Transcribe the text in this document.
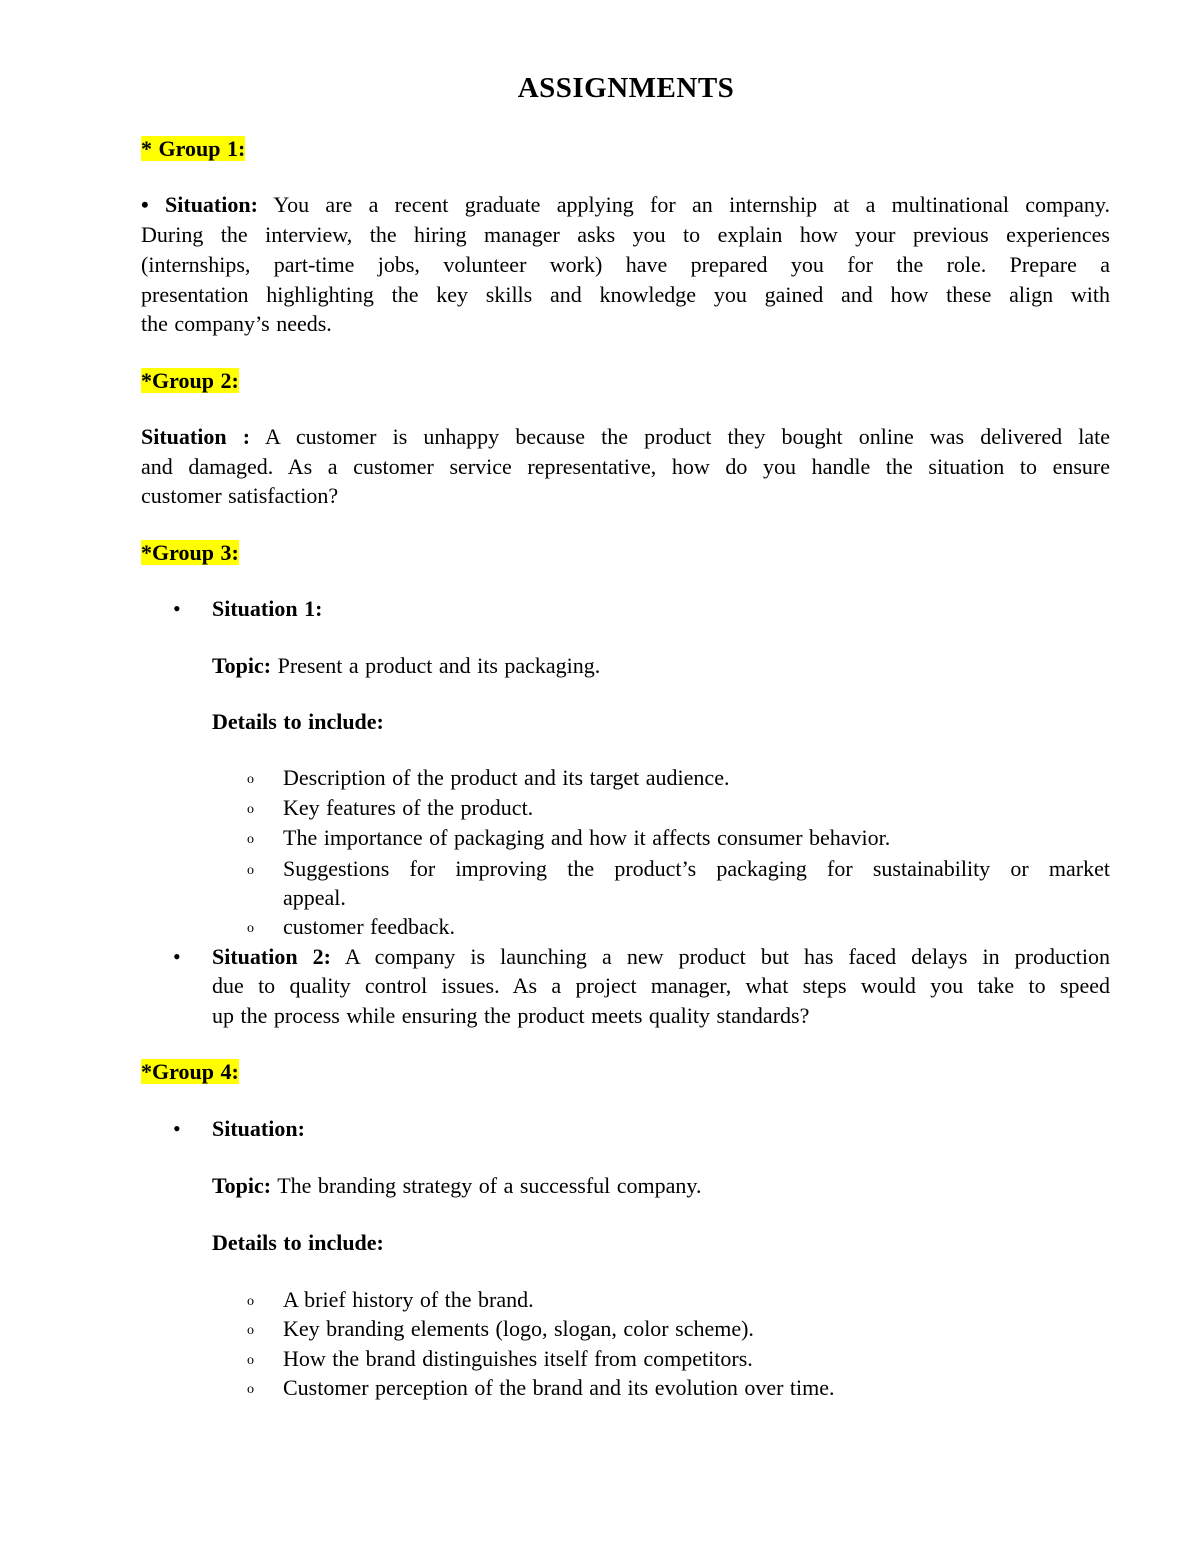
ASSIGNMENTS
* Group 1:
• Situation: You are a recent graduate applying for an internship at a multinational company.
During the interview, the hiring manager asks you to explain how your previous experiences
(internships, part-time jobs, volunteer work) have prepared you for the role. Prepare a
presentation highlighting the key skills and knowledge you gained and how these align with
the company’s needs.
*Group 2:
Situation : A customer is unhappy because the product they bought online was delivered late
and damaged. As a customer service representative, how do you handle the situation to ensure
customer satisfaction?
*Group 3:
• Situation 1:
Topic: Present a product and its packaging.
Details to include:
o Description of the product and its target audience.
o Key features of the product.
o The importance of packaging and how it affects consumer behavior.
o Suggestions for improving the product’s packaging for sustainability or market
appeal.
o customer feedback.
• Situation 2: A company is launching a new product but has faced delays in production
due to quality control issues. As a project manager, what steps would you take to speed
up the process while ensuring the product meets quality standards?
*Group 4:
• Situation:
Topic: The branding strategy of a successful company.
Details to include:
o A brief history of the brand.
o Key branding elements (logo, slogan, color scheme).
o How the brand distinguishes itself from competitors.
o Customer perception of the brand and its evolution over time.
